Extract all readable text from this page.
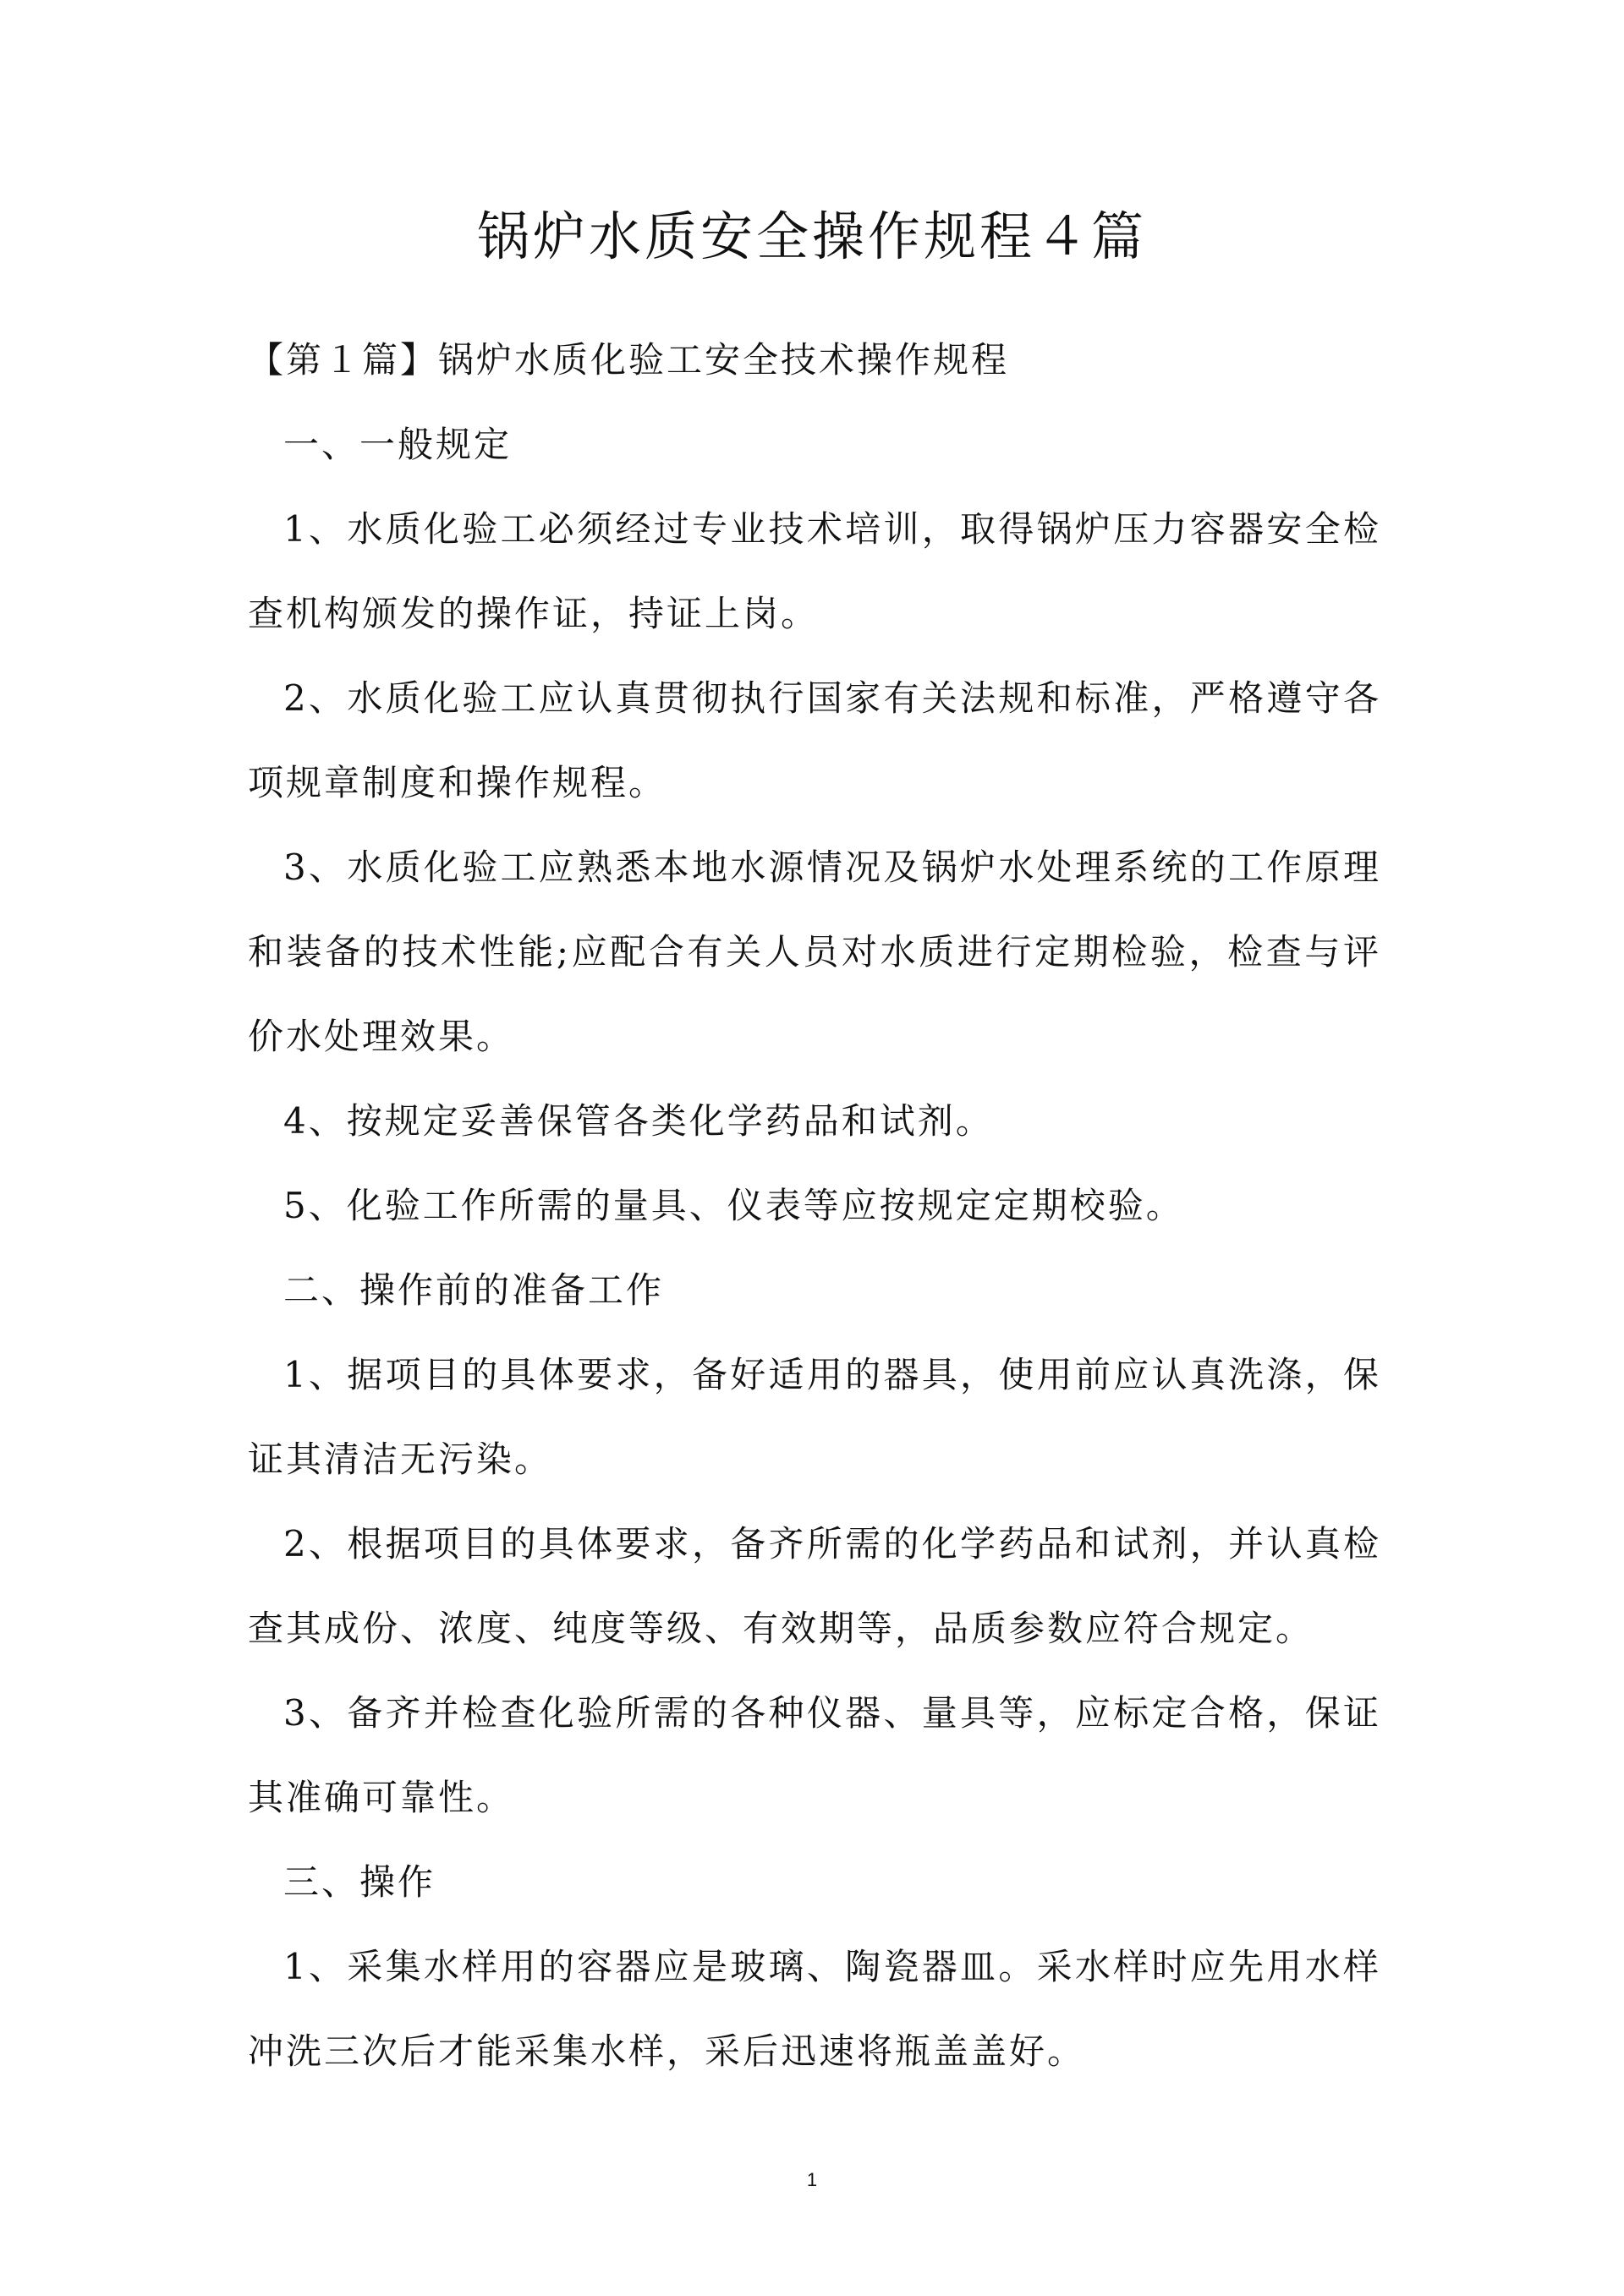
锅炉水质安全操作规程４篇

【第１篇】锅炉水质化验工安全技术操作规程

一、一般规定

1、水质化验工必须经过专业技术培训，取得锅炉压力容器安全检查机构颁发的操作证，持证上岗。

2、水质化验工应认真贯彻执行国家有关法规和标准，严格遵守各项规章制度和操作规程。

3、水质化验工应熟悉本地水源情况及锅炉水处理系统的工作原理和装备的技术性能;应配合有关人员对水质进行定期检验，检查与评价水处理效果。

4、按规定妥善保管各类化学药品和试剂。

5、化验工作所需的量具、仪表等应按规定定期校验。

二、操作前的准备工作

1、据项目的具体要求，备好适用的器具，使用前应认真洗涤，保证其清洁无污染。

2、根据项目的具体要求，备齐所需的化学药品和试剂，并认真检查其成份、浓度、纯度等级、有效期等，品质参数应符合规定。

3、备齐并检查化验所需的各种仪器、量具等，应标定合格，保证其准确可靠性。

三、操作

1、采集水样用的容器应是玻璃、陶瓷器皿。采水样时应先用水样冲洗三次后才能采集水样，采后迅速将瓶盖盖好。

1
